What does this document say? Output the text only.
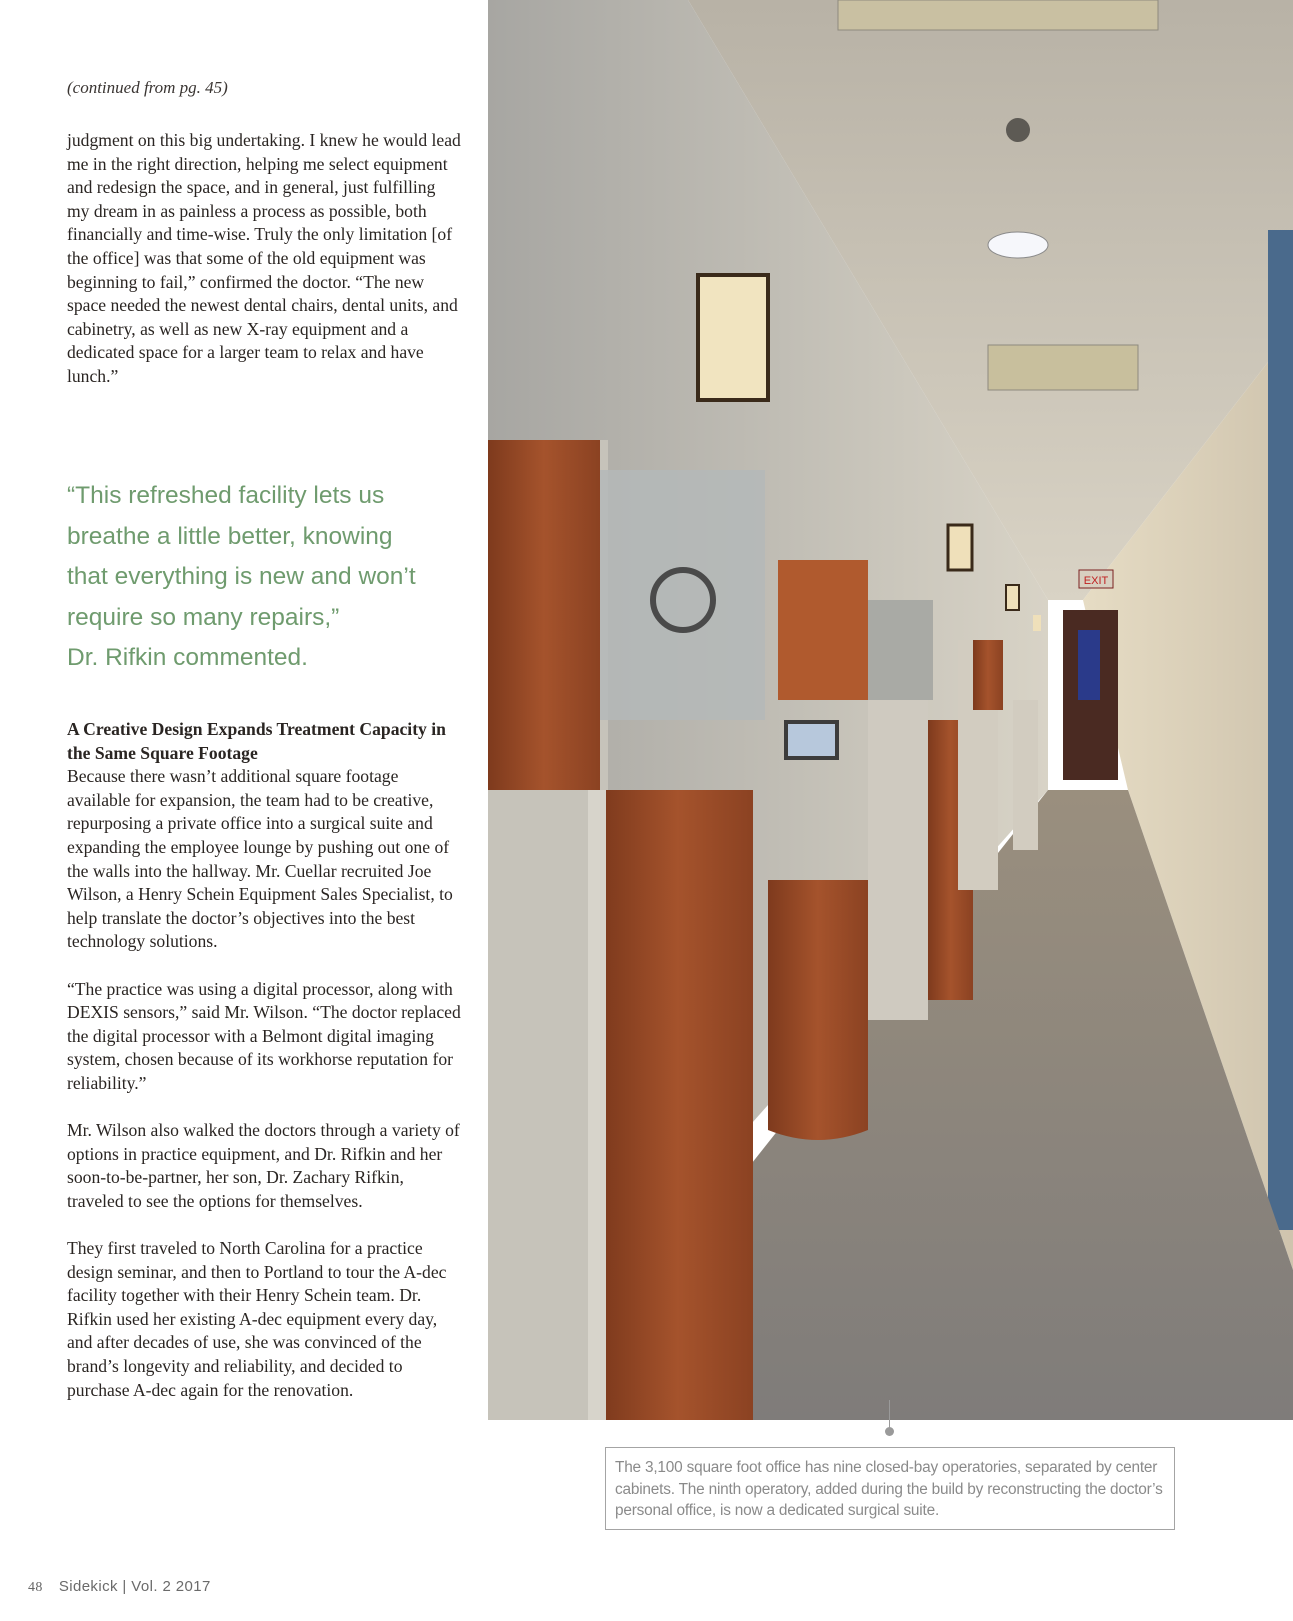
(continued from pg. 45)

judgment on this big undertaking. I knew he would lead me in the right direction, helping me select equipment and redesign the space, and in general, just fulfilling my dream in as painless a process as possible, both financially and time-wise. Truly the only limitation [of the office] was that some of the old equipment was beginning to fail,” confirmed the doctor. “The new space needed the newest dental chairs, dental units, and cabinetry, as well as new X-ray equipment and a dedicated space for a larger team to relax and have lunch.”

“This refreshed facility lets us
breathe a little better, knowing
that everything is new and won’t
require so many repairs,”
Dr. Rifkin commented.
A Creative Design Expands Treatment Capacity in the Same Square Footage

Because there wasn’t additional square footage available for expansion, the team had to be creative, repurposing a private office into a surgical suite and expanding the employee lounge by pushing out one of the walls into the hallway. Mr. Cuellar recruited Joe Wilson, a Henry Schein Equipment Sales Specialist, to help translate the doctor’s objectives into the best technology solutions.

“The practice was using a digital processor, along with DEXIS sensors,” said Mr. Wilson. “The doctor replaced the digital processor with a Belmont digital imaging system, chosen because of its workhorse reputation for reliability.”

Mr. Wilson also walked the doctors through a variety of options in practice equipment, and Dr. Rifkin and her soon-to-be-partner, her son, Dr. Zachary Rifkin, traveled to see the options for themselves.

They first traveled to North Carolina for a practice design seminar, and then to Portland to tour the A-dec facility together with their Henry Schein team. Dr. Rifkin used her existing A-dec equipment every day, and after decades of use, she was convinced of the brand’s longevity and reliability, and decided to purchase A-dec again for the renovation.

EXIT
The 3,100 square foot office has nine closed-bay operatories, separated by center cabinets. The ninth operatory, added during the build by reconstructing the doctor’s personal office, is now a dedicated surgical suite.
48 Sidekick | Vol. 2 2017
